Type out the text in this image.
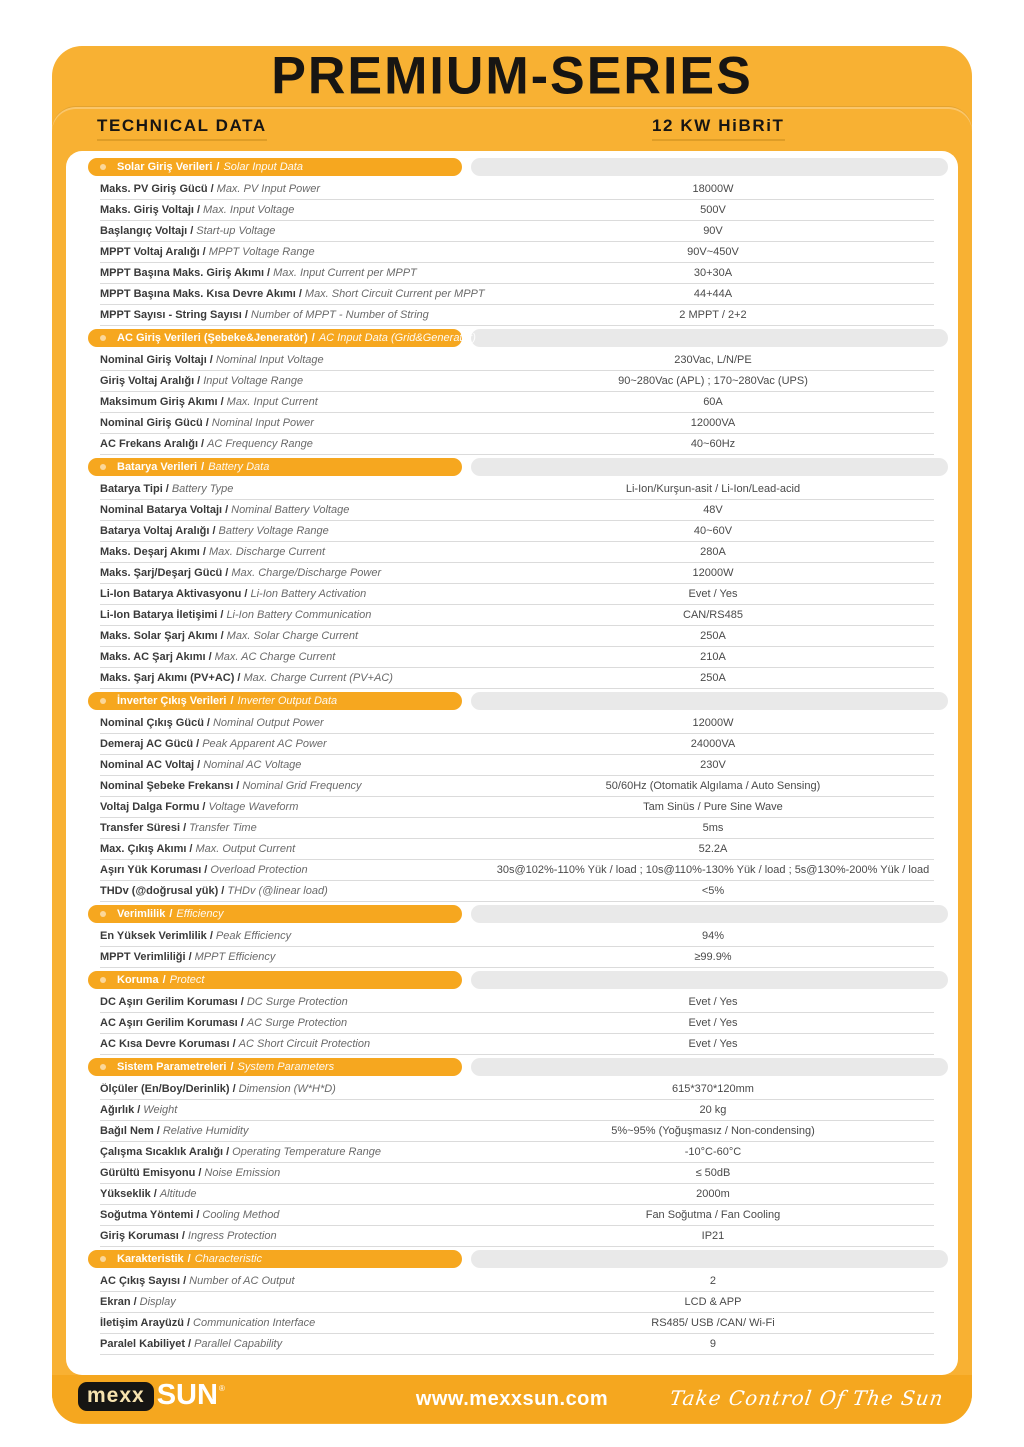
PREMIUM-SERIES
TECHNICAL DATA	12 KW HiBRiT
Solar Giriş Verileri / Solar Input Data
Maks. PV Giriş Gücü / Max. PV Input Power	18000W
Maks. Giriş Voltajı / Max. Input Voltage	500V
Başlangıç Voltajı / Start-up Voltage	90V
MPPT Voltaj Aralığı / MPPT Voltage Range	90V~450V
MPPT Başına Maks. Giriş Akımı / Max. Input Current per MPPT	30+30A
MPPT Başına Maks. Kısa Devre Akımı / Max. Short Circuit Current per MPPT	44+44A
MPPT Sayısı - String Sayısı / Number of MPPT - Number of String	2 MPPT / 2+2
AC Giriş Verileri (Şebeke&Jeneratör) / AC Input Data (Grid&Generator)
Nominal Giriş Voltajı / Nominal Input Voltage	230Vac, L/N/PE
Giriş Voltaj Aralığı / Input Voltage Range	90~280Vac (APL) ; 170~280Vac (UPS)
Maksimum Giriş Akımı / Max. Input Current	60A
Nominal Giriş Gücü / Nominal Input Power	12000VA
AC Frekans Aralığı / AC Frequency Range	40~60Hz
Batarya Verileri / Battery Data
Batarya Tipi / Battery Type	Li-Ion/Kurşun-asit / Li-Ion/Lead-acid
Nominal Batarya Voltajı / Nominal Battery Voltage	48V
Batarya Voltaj Aralığı / Battery Voltage Range	40~60V
Maks. Deşarj Akımı / Max. Discharge Current	280A
Maks. Şarj/Deşarj Gücü / Max. Charge/Discharge Power	12000W
Li-Ion Batarya Aktivasyonu / Li-Ion Battery Activation	Evet / Yes
Li-Ion Batarya İletişimi / Li-Ion Battery Communication	CAN/RS485
Maks. Solar Şarj Akımı / Max. Solar Charge Current	250A
Maks. AC Şarj Akımı / Max. AC Charge Current	210A
Maks. Şarj Akımı (PV+AC) / Max. Charge Current (PV+AC)	250A
İnverter Çıkış Verileri / Inverter Output Data
Nominal Çıkış Gücü / Nominal Output Power	12000W
Demeraj AC Gücü / Peak Apparent AC Power	24000VA
Nominal AC Voltaj / Nominal AC Voltage	230V
Nominal Şebeke Frekansı / Nominal Grid Frequency	50/60Hz (Otomatik Algılama / Auto Sensing)
Voltaj Dalga Formu / Voltage Waveform	Tam Sinüs / Pure Sine Wave
Transfer Süresi / Transfer Time	5ms
Max. Çıkış Akımı / Max. Output Current	52.2A
Aşırı Yük Koruması / Overload Protection	30s@102%-110% Yük / load ; 10s@110%-130% Yük / load ; 5s@130%-200% Yük / load
THDv (@doğrusal yük) / THDv (@linear load)	<5%
Verimlilik / Efficiency
En Yüksek Verimlilik / Peak Efficiency	94%
MPPT Verimliliği / MPPT Efficiency	≥99.9%
Koruma / Protect
DC Aşırı Gerilim Koruması / DC Surge Protection	Evet / Yes
AC Aşırı Gerilim Koruması / AC Surge Protection	Evet / Yes
AC Kısa Devre Koruması / AC Short Circuit Protection	Evet / Yes
Sistem Parametreleri / System Parameters
Ölçüler (En/Boy/Derinlik) / Dimension (W*H*D)	615*370*120mm
Ağırlık / Weight	20 kg
Bağıl Nem / Relative Humidity	5%~95% (Yoğuşmasız / Non-condensing)
Çalışma Sıcaklık Aralığı / Operating Temperature Range	-10°C-60°C
Gürültü Emisyonu / Noise Emission	≤ 50dB
Yükseklik / Altitude	2000m
Soğutma Yöntemi / Cooling Method	Fan Soğutma / Fan Cooling
Giriş Koruması / Ingress Protection	IP21
Karakteristik / Characteristic
AC Çıkış Sayısı / Number of AC Output	2
Ekran / Display	LCD & APP
İletişim Arayüzü / Communication Interface	RS485/ USB /CAN/ Wi-Fi
Paralel Kabiliyet / Parallel Capability	9
mexx SUN ®	www.mexxsun.com	Take Control Of The Sun
